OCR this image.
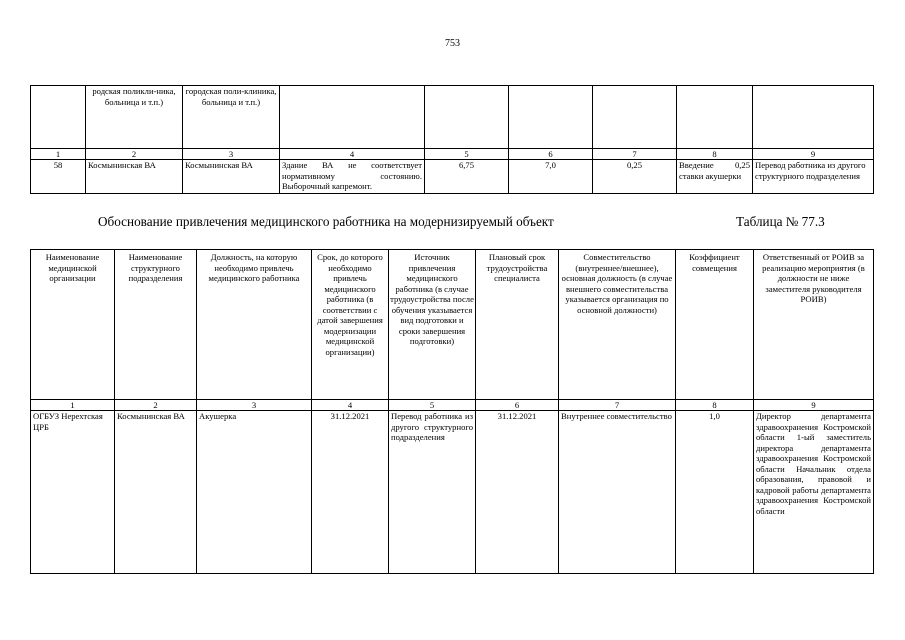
753
	родская поликли-ника, больница и т.п.)	городская поли-клиника, больница и т.п.)						
1	2	3	4	5	6	7	8	9
58	Космынинская ВА	Космынинская ВА	Здание ВА не соответствует нормативному состоянию. Выборочный капремонт.	6,75	7,0	0,25	Введение 0,25 ставки акушерки	Перевод работника из другого структурного подразделения
Обоснование привлечения медицинского работника на модернизируемый объект	Таблица № 77.3
Наименование медицинской организации	Наименование структурного подразделения	Должность, на которую необходимо привлечь медицинского работника	Срок, до которого необходимо привлечь медицинского работника (в соответствии с датой завершения модернизации медицинской организации)	Источник привлечения медицинского работника (в случае трудоустройства после обучения указывается вид подготовки и сроки завершения подготовки)	Плановый срок трудоустройства специалиста	Совместительство (внутреннее/внешнее), основная должность (в случае внешнего совместительства указывается организация по основной должности)	Коэффициент совмещения	Ответственный от РОИВ за реализацию мероприятия (в должности не ниже заместителя руководителя РОИВ)
1	2	3	4	5	6	7	8	9
ОГБУЗ Нерехтская ЦРБ	Космынинская ВА	Акушерка	31.12.2021	Перевод работника из другого структурного подразделения	31.12.2021	Внутреннее совместительство	1,0	Директор департамента здравоохранения Костромской области 1-ый заместитель директора департамента здравоохранения Костромской области Начальник отдела образования, правовой и кадровой работы департамента здравоохранения Костромской области
